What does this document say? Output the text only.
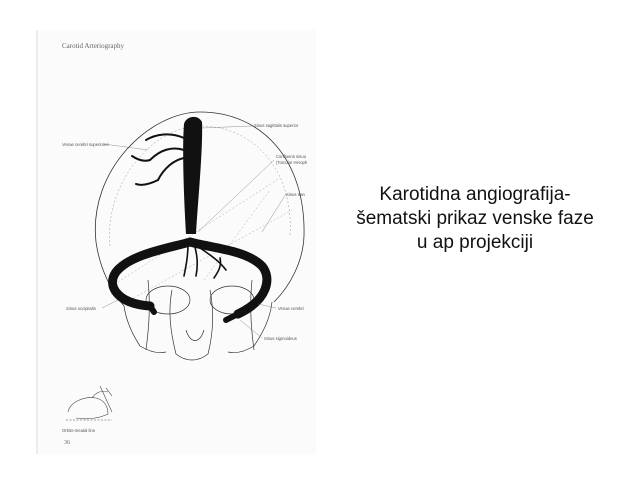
Carotid Arteriography
36
Sinus sagittalis superior
Venae cerebri superiores
Confluens sinuu
(Torcular Heroph
Sinus tran
Sinus occipitalis	Venae cerebri
Sinus sigmoideus
Orbito-meatal line
Karotidna angiografija-
šematski prikaz venske faze
u ap projekciji
